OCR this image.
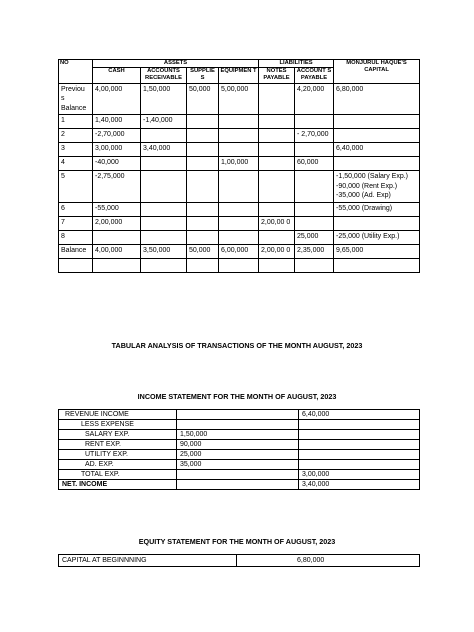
NO	ASSETS				LIABILITIES		MONJURUL HAQUE'S CAPITAL
	CASH	ACCOUNTS RECEIVABLE	SUPPLIE S	EQUIPMEN T	NOTES PAYABLE	ACCOUNT S PAYABLE	
Previou s Balance	4,00,000	1,50,000	50,000	5,00,000		4,20,000	6,80,000
1	1,40,000	-1,40,000					
2	-2,70,000					- 2,70,000	
3	3,00,000	3,40,000					6,40,000
4	-40,000			1,00,000		60,000	
5	-2,75,000						-1,50,000 (Salary Exp.) -90,000 (Rent Exp.) -35,000 (Ad. Exp)
6	-55,000						-55,000 (Drawing)
7	2,00,000				2,00,00 0		
8						25,000	-25,000 (Utility Exp.)
Balance	4,00,000	3,50,000	50,000	6,00,000	2,00,00 0	2,35,000	9,65,000

TABULAR ANALYSIS OF TRANSACTIONS OF THE MONTH AUGUST, 2023
INCOME STATEMENT FOR THE MONTH OF AUGUST, 2023
REVENUE INCOME		6,40,000
LESS EXPENSE		
SALARY EXP.	1,50,000	
RENT EXP.	90,000	
UTILITY EXP.	25,000	
AD. EXP.	35,000	
TOTAL EXP.		3,00,000
NET. INCOME		3,40,000
EQUITY STATEMENT FOR THE MONTH OF AUGUST, 2023
CAPITAL AT BEGINNNING	6,80,000
